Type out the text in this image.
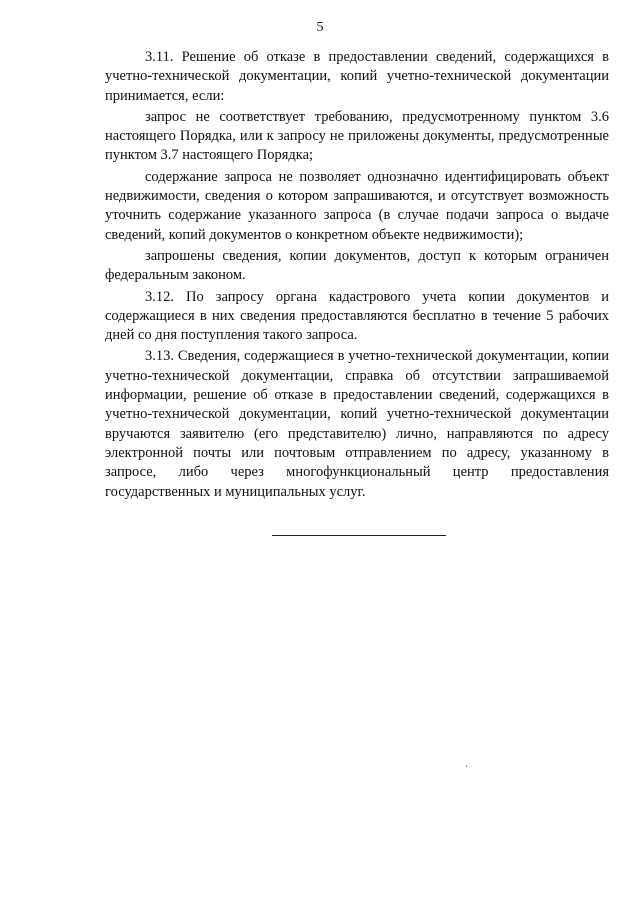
5

3.11. Решение об отказе в предоставлении сведений, содержащихся в учетно-технической документации, копий учетно-технической документации принимается, если:

запрос не соответствует требованию, предусмотренному пунктом 3.6 настоящего Порядка, или к запросу не приложены документы, предусмотренные пунктом 3.7 настоящего Порядка;

содержание запроса не позволяет однозначно идентифицировать объект недвижимости, сведения о котором запрашиваются, и отсутствует возможность уточнить содержание указанного запроса (в случае подачи запроса о выдаче сведений, копий документов о конкретном объекте недвижимости);

запрошены сведения, копии документов, доступ к которым ограничен федеральным законом.

3.12. По запросу органа кадастрового учета копии документов и содержащиеся в них сведения предоставляются бесплатно в течение 5 рабочих дней со дня поступления такого запроса.

3.13. Сведения, содержащиеся в учетно-технической документации, копии учетно-технической документации, справка об отсутствии запрашиваемой информации, решение об отказе в предоставлении сведений, содержащихся в учетно-технической документации, копий учетно-технической документации вручаются заявителю (его представителю) лично, направляются по адресу электронной почты или почтовым отправлением по адресу, указанному в запросе, либо через многофункциональный центр предоставления государственных и муниципальных услуг.
